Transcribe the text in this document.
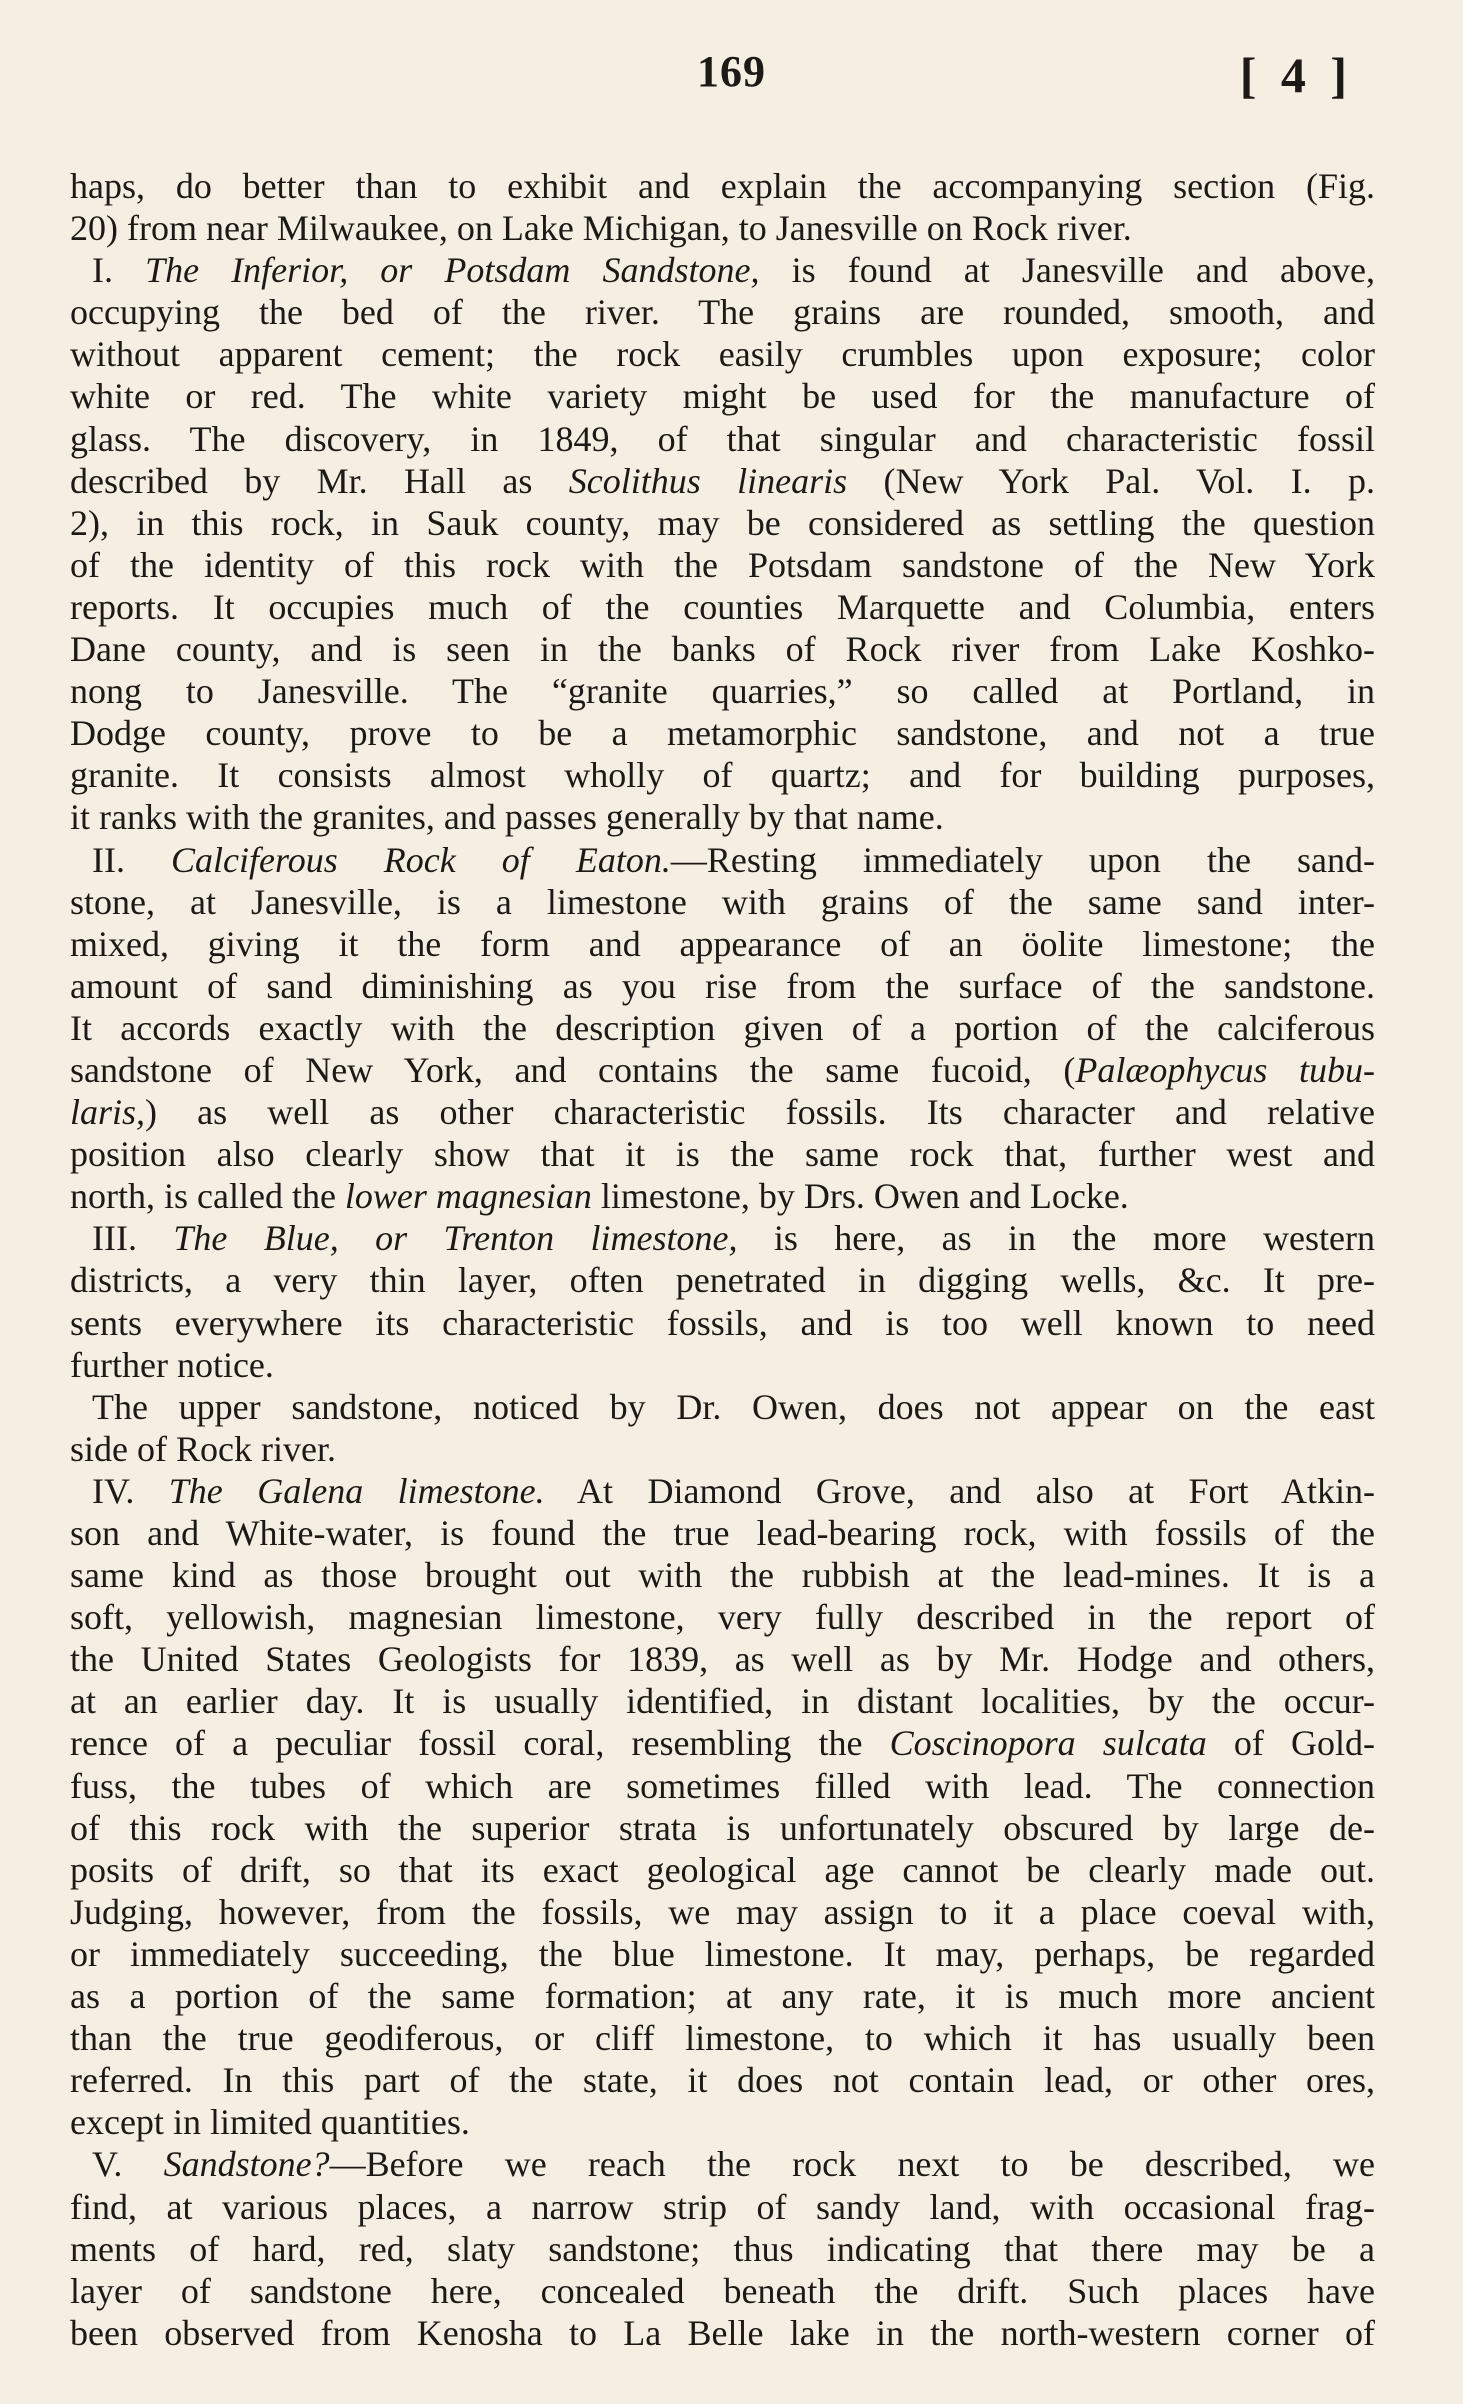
169	[ 4 ]
haps, do better than to exhibit and explain the accompanying section (Fig.
20) from near Milwaukee, on Lake Michigan, to Janesville on Rock river.
I. The Inferior, or Potsdam Sandstone, is found at Janesville and above,
occupying the bed of the river. The grains are rounded, smooth, and
without apparent cement; the rock easily crumbles upon exposure; color
white or red. The white variety might be used for the manufacture of
glass. The discovery, in 1849, of that singular and characteristic fossil
described by Mr. Hall as Scolithus linearis (New York Pal. Vol. I. p.
2), in this rock, in Sauk county, may be considered as settling the question
of the identity of this rock with the Potsdam sandstone of the New York
reports. It occupies much of the counties Marquette and Columbia, enters
Dane county, and is seen in the banks of Rock river from Lake Koshko-
nong to Janesville. The “granite quarries,” so called at Portland, in
Dodge county, prove to be a metamorphic sandstone, and not a true
granite. It consists almost wholly of quartz; and for building purposes,
it ranks with the granites, and passes generally by that name.
II. Calciferous Rock of Eaton.—Resting immediately upon the sand-
stone, at Janesville, is a limestone with grains of the same sand inter-
mixed, giving it the form and appearance of an öolite limestone; the
amount of sand diminishing as you rise from the surface of the sandstone.
It accords exactly with the description given of a portion of the calciferous
sandstone of New York, and contains the same fucoid, (Palæophycus tubu-
laris,) as well as other characteristic fossils. Its character and relative
position also clearly show that it is the same rock that, further west and
north, is called the lower magnesian limestone, by Drs. Owen and Locke.
III. The Blue, or Trenton limestone, is here, as in the more western
districts, a very thin layer, often penetrated in digging wells, &c. It pre-
sents everywhere its characteristic fossils, and is too well known to need
further notice.
The upper sandstone, noticed by Dr. Owen, does not appear on the east
side of Rock river.
IV. The Galena limestone. At Diamond Grove, and also at Fort Atkin-
son and White-water, is found the true lead-bearing rock, with fossils of the
same kind as those brought out with the rubbish at the lead-mines. It is a
soft, yellowish, magnesian limestone, very fully described in the report of
the United States Geologists for 1839, as well as by Mr. Hodge and others,
at an earlier day. It is usually identified, in distant localities, by the occur-
rence of a peculiar fossil coral, resembling the Coscinopora sulcata of Gold-
fuss, the tubes of which are sometimes filled with lead. The connection
of this rock with the superior strata is unfortunately obscured by large de-
posits of drift, so that its exact geological age cannot be clearly made out.
Judging, however, from the fossils, we may assign to it a place coeval with,
or immediately succeeding, the blue limestone. It may, perhaps, be regarded
as a portion of the same formation; at any rate, it is much more ancient
than the true geodiferous, or cliff limestone, to which it has usually been
referred. In this part of the state, it does not contain lead, or other ores,
except in limited quantities.
V. Sandstone?—Before we reach the rock next to be described, we
find, at various places, a narrow strip of sandy land, with occasional frag-
ments of hard, red, slaty sandstone; thus indicating that there may be a
layer of sandstone here, concealed beneath the drift. Such places have
been observed from Kenosha to La Belle lake in the north-western corner of
